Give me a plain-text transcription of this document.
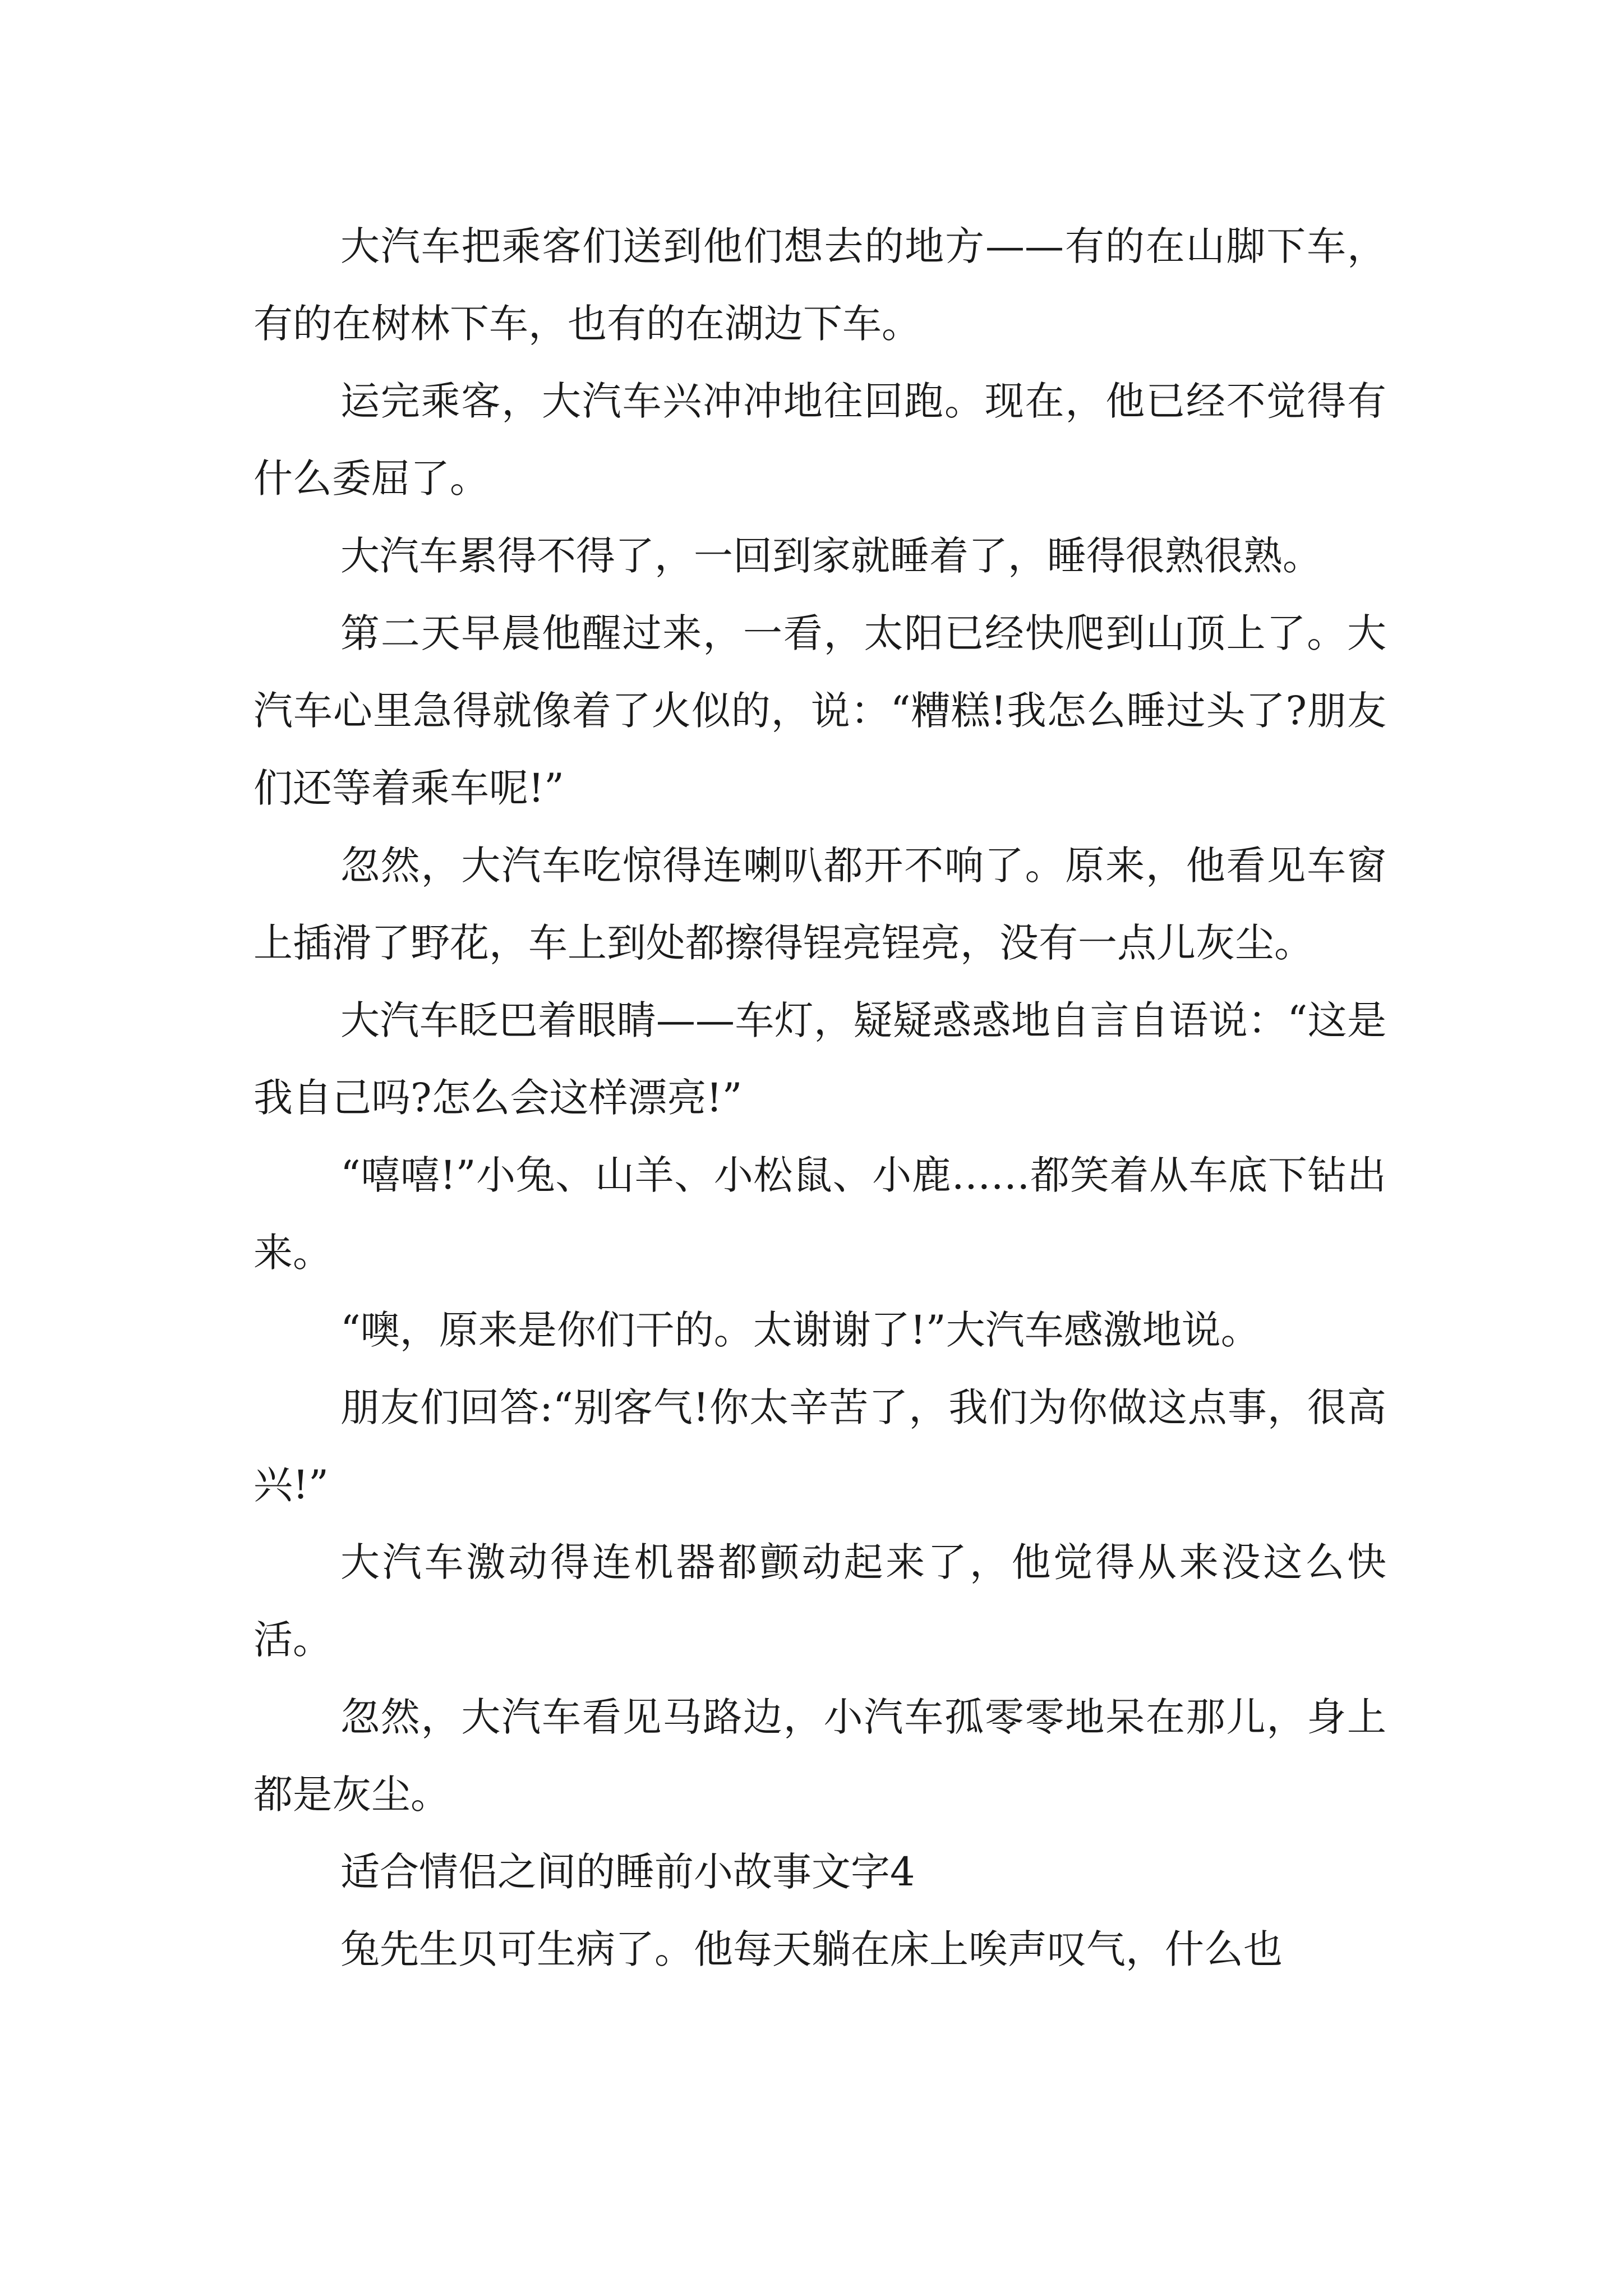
大汽车把乘客们送到他们想去的地方——有的在山脚下车，有的在树林下车，也有的在湖边下车。

运完乘客，大汽车兴冲冲地往回跑。现在，他已经不觉得有什么委屈了。

大汽车累得不得了，一回到家就睡着了，睡得很熟很熟。

第二天早晨他醒过来，一看，太阳已经快爬到山顶上了。大汽车心里急得就像着了火似的，说：“糟糕!我怎么睡过头了?朋友们还等着乘车呢!”

忽然，大汽车吃惊得连喇叭都开不响了。原来，他看见车窗上插滑了野花，车上到处都擦得锃亮锃亮，没有一点儿灰尘。

大汽车眨巴着眼睛——车灯，疑疑惑惑地自言自语说：“这是我自己吗?怎么会这样漂亮!”

“嘻嘻!”小兔、山羊、小松鼠、小鹿……都笑着从车底下钻出来。

“噢，原来是你们干的。太谢谢了!”大汽车感激地说。

朋友们回答:“别客气!你太辛苦了，我们为你做这点事，很高兴!”

大汽车激动得连机器都颤动起来了，他觉得从来没这么快活。

忽然，大汽车看见马路边，小汽车孤零零地呆在那儿，身上都是灰尘。

适合情侣之间的睡前小故事文字4

兔先生贝可生病了。他每天躺在床上唉声叹气，什么也
